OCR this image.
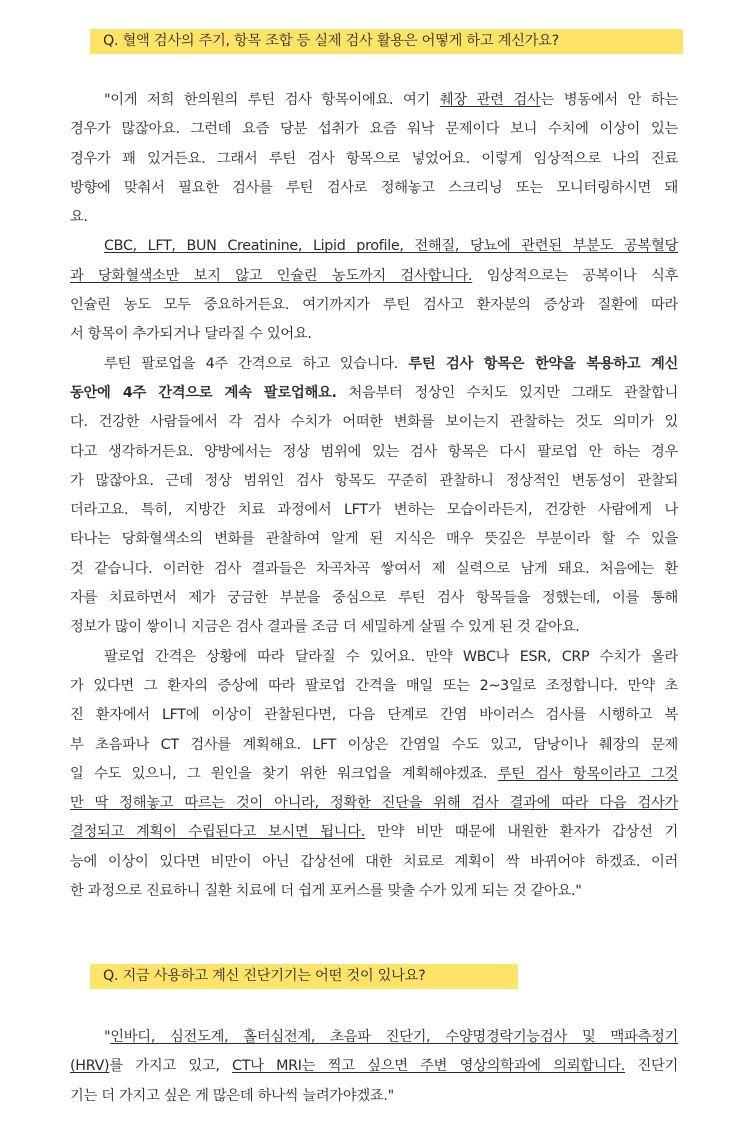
Q. 혈액 검사의 주기, 항목 조합 등 실제 검사 활용은 어떻게 하고 계신가요?
"이게 저희 한의원의 루틴 검사 항목이에요. 여기 췌장 관련 검사는 병동에서 안 하는
경우가 많잖아요. 그런데 요즘 당분 섭취가 요즘 워낙 문제이다 보니 수치에 이상이 있는
경우가 꽤 있거든요. 그래서 루틴 검사 항목으로 넣었어요. 이렇게 임상적으로 나의 진료
방향에 맞춰서 필요한 검사를 루틴 검사로 정해놓고 스크리닝 또는 모니터링하시면 돼
요.
CBC, LFT, BUN Creatinine, Lipid profile, 전해질, 당뇨에 관련된 부분도 공복혈당
과 당화혈색소만 보지 않고 인슐린 농도까지 검사합니다. 임상적으로는 공복이나 식후
인슐린 농도 모두 중요하거든요. 여기까지가 루틴 검사고 환자분의 증상과 질환에 따라
서 항목이 추가되거나 달라질 수 있어요.
루틴 팔로업을 4주 간격으로 하고 있습니다. 루틴 검사 항목은 한약을 복용하고 계신
동안에 4주 간격으로 계속 팔로업해요. 처음부터 정상인 수치도 있지만 그래도 관찰합니
다. 건강한 사람들에서 각 검사 수치가 어떠한 변화를 보이는지 관찰하는 것도 의미가 있
다고 생각하거든요. 양방에서는 정상 범위에 있는 검사 항목은 다시 팔로업 안 하는 경우
가 많잖아요. 근데 정상 범위인 검사 항목도 꾸준히 관찰하니 정상적인 변동성이 관찰되
더라고요. 특히, 지방간 치료 과정에서 LFT가 변하는 모습이라든지, 건강한 사람에게 나
타나는 당화혈색소의 변화를 관찰하여 알게 된 지식은 매우 뜻깊은 부분이라 할 수 있을
것 같습니다. 이러한 검사 결과들은 차곡차곡 쌓여서 제 실력으로 남게 돼요. 처음에는 환
자를 치료하면서 제가 궁금한 부분을 중심으로 루틴 검사 항목들을 정했는데, 이를 통해
정보가 많이 쌓이니 지금은 검사 결과를 조금 더 세밀하게 살필 수 있게 된 것 같아요.
팔로업 간격은 상황에 따라 달라질 수 있어요. 만약 WBC나 ESR, CRP 수치가 올라
가 있다면 그 환자의 증상에 따라 팔로업 간격을 매일 또는 2~3일로 조정합니다. 만약 초
진 환자에서 LFT에 이상이 관찰된다면, 다음 단계로 간염 바이러스 검사를 시행하고 복
부 초음파나 CT 검사를 계획해요. LFT 이상은 간염일 수도 있고, 담낭이나 췌장의 문제
일 수도 있으니, 그 원인을 찾기 위한 워크업을 계획해야겠죠. 루틴 검사 항목이라고 그것
만 딱 정해놓고 따르는 것이 아니라, 정확한 진단을 위해 검사 결과에 따라 다음 검사가
결정되고 계획이 수립된다고 보시면 됩니다. 만약 비만 때문에 내원한 환자가 갑상선 기
능에 이상이 있다면 비만이 아닌 갑상선에 대한 치료로 계획이 싹 바뀌어야 하겠죠. 이러
한 과정으로 진료하니 질환 치료에 더 쉽게 포커스를 맞출 수가 있게 되는 것 같아요."
Q. 지금 사용하고 계신 진단기기는 어떤 것이 있나요?
"인바디, 심전도계, 홀터심전계, 초음파 진단기, 수양명경락기능검사 및 맥파측정기
(HRV)를 가지고 있고, CT나 MRI는 찍고 싶으면 주변 영상의학과에 의뢰합니다. 진단기
기는 더 가지고 싶은 게 많은데 하나씩 늘려가야겠죠."
